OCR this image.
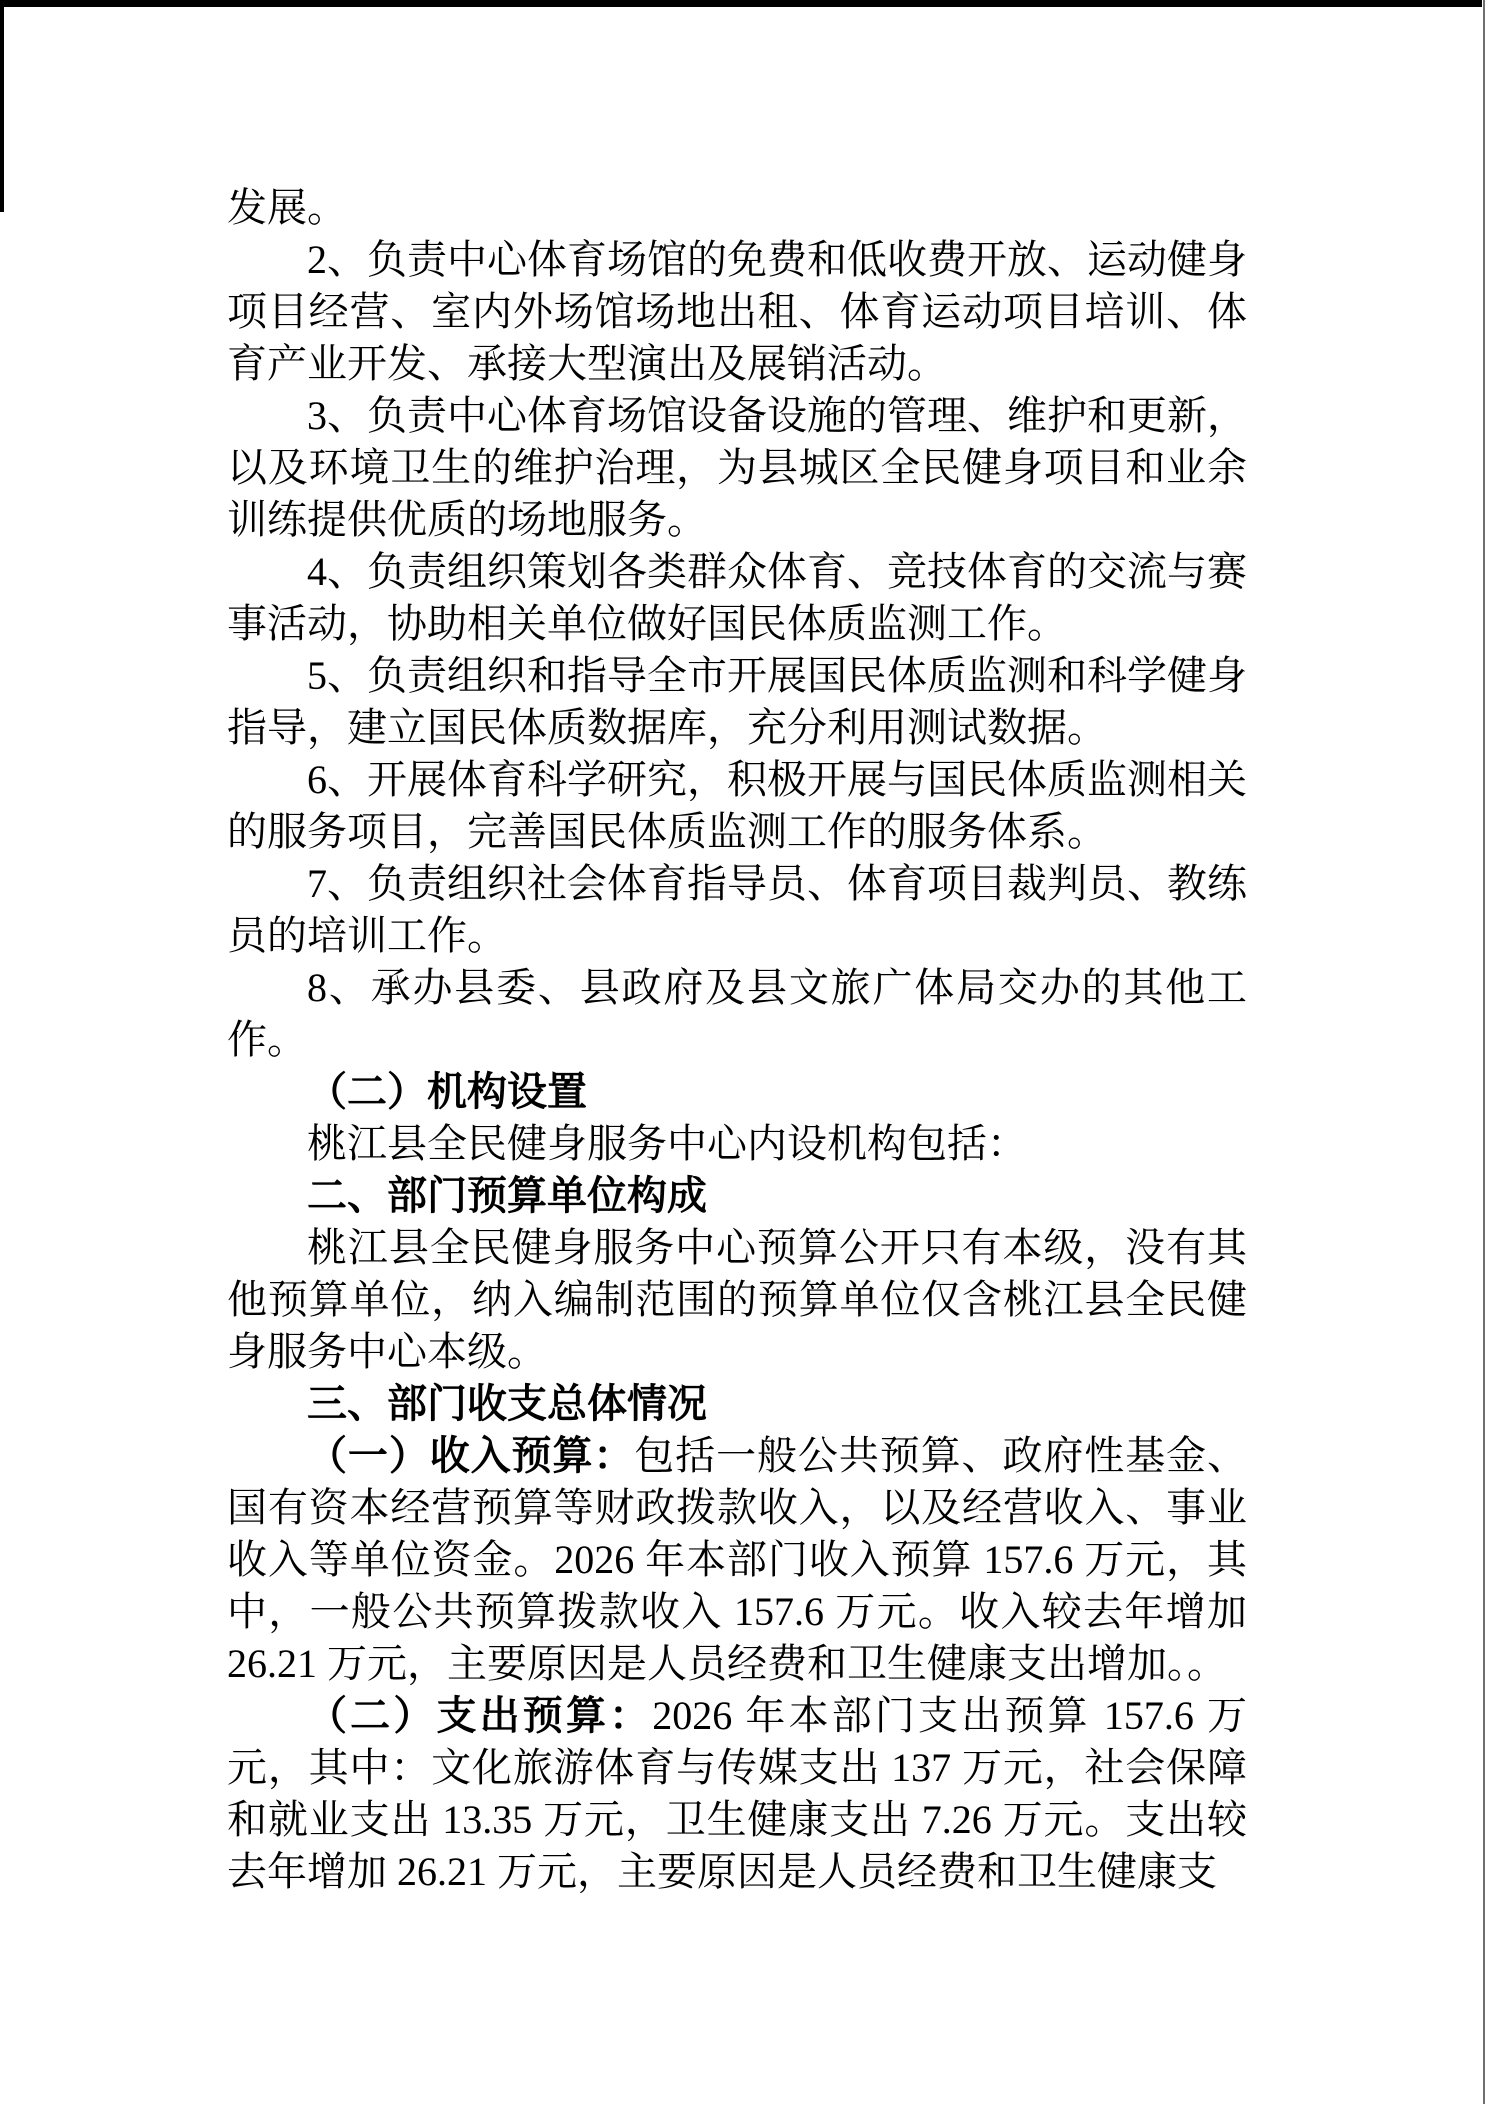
发展。

2、负责中心体育场馆的免费和低收费开放、运动健身项目经营、室内外场馆场地出租、体育运动项目培训、体育产业开发、承接大型演出及展销活动。

3、负责中心体育场馆设备设施的管理、维护和更新，以及环境卫生的维护治理，为县城区全民健身项目和业余训练提供优质的场地服务。

4、负责组织策划各类群众体育、竞技体育的交流与赛事活动，协助相关单位做好国民体质监测工作。

5、负责组织和指导全市开展国民体质监测和科学健身指导，建立国民体质数据库，充分利用测试数据。

6、开展体育科学研究，积极开展与国民体质监测相关的服务项目，完善国民体质监测工作的服务体系。

7、负责组织社会体育指导员、体育项目裁判员、教练员的培训工作。

8、承办县委、县政府及县文旅广体局交办的其他工作。

（二）机构设置

桃江县全民健身服务中心内设机构包括：

二、部门预算单位构成

桃江县全民健身服务中心预算公开只有本级，没有其他预算单位，纳入编制范围的预算单位仅含桃江县全民健身服务中心本级。

三、部门收支总体情况

（一）收入预算：包括一般公共预算、政府性基金、国有资本经营预算等财政拨款收入，以及经营收入、事业收入等单位资金。2026 年本部门收入预算 157.6 万元，其中，一般公共预算拨款收入 157.6 万元。收入较去年增加 26.21 万元，主要原因是人员经费和卫生健康支出增加。。

（二）支出预算：2026 年本部门支出预算 157.6 万元，其中：文化旅游体育与传媒支出 137 万元，社会保障和就业支出 13.35 万元，卫生健康支出 7.26 万元。支出较去年增加 26.21 万元，主要原因是人员经费和卫生健康支
